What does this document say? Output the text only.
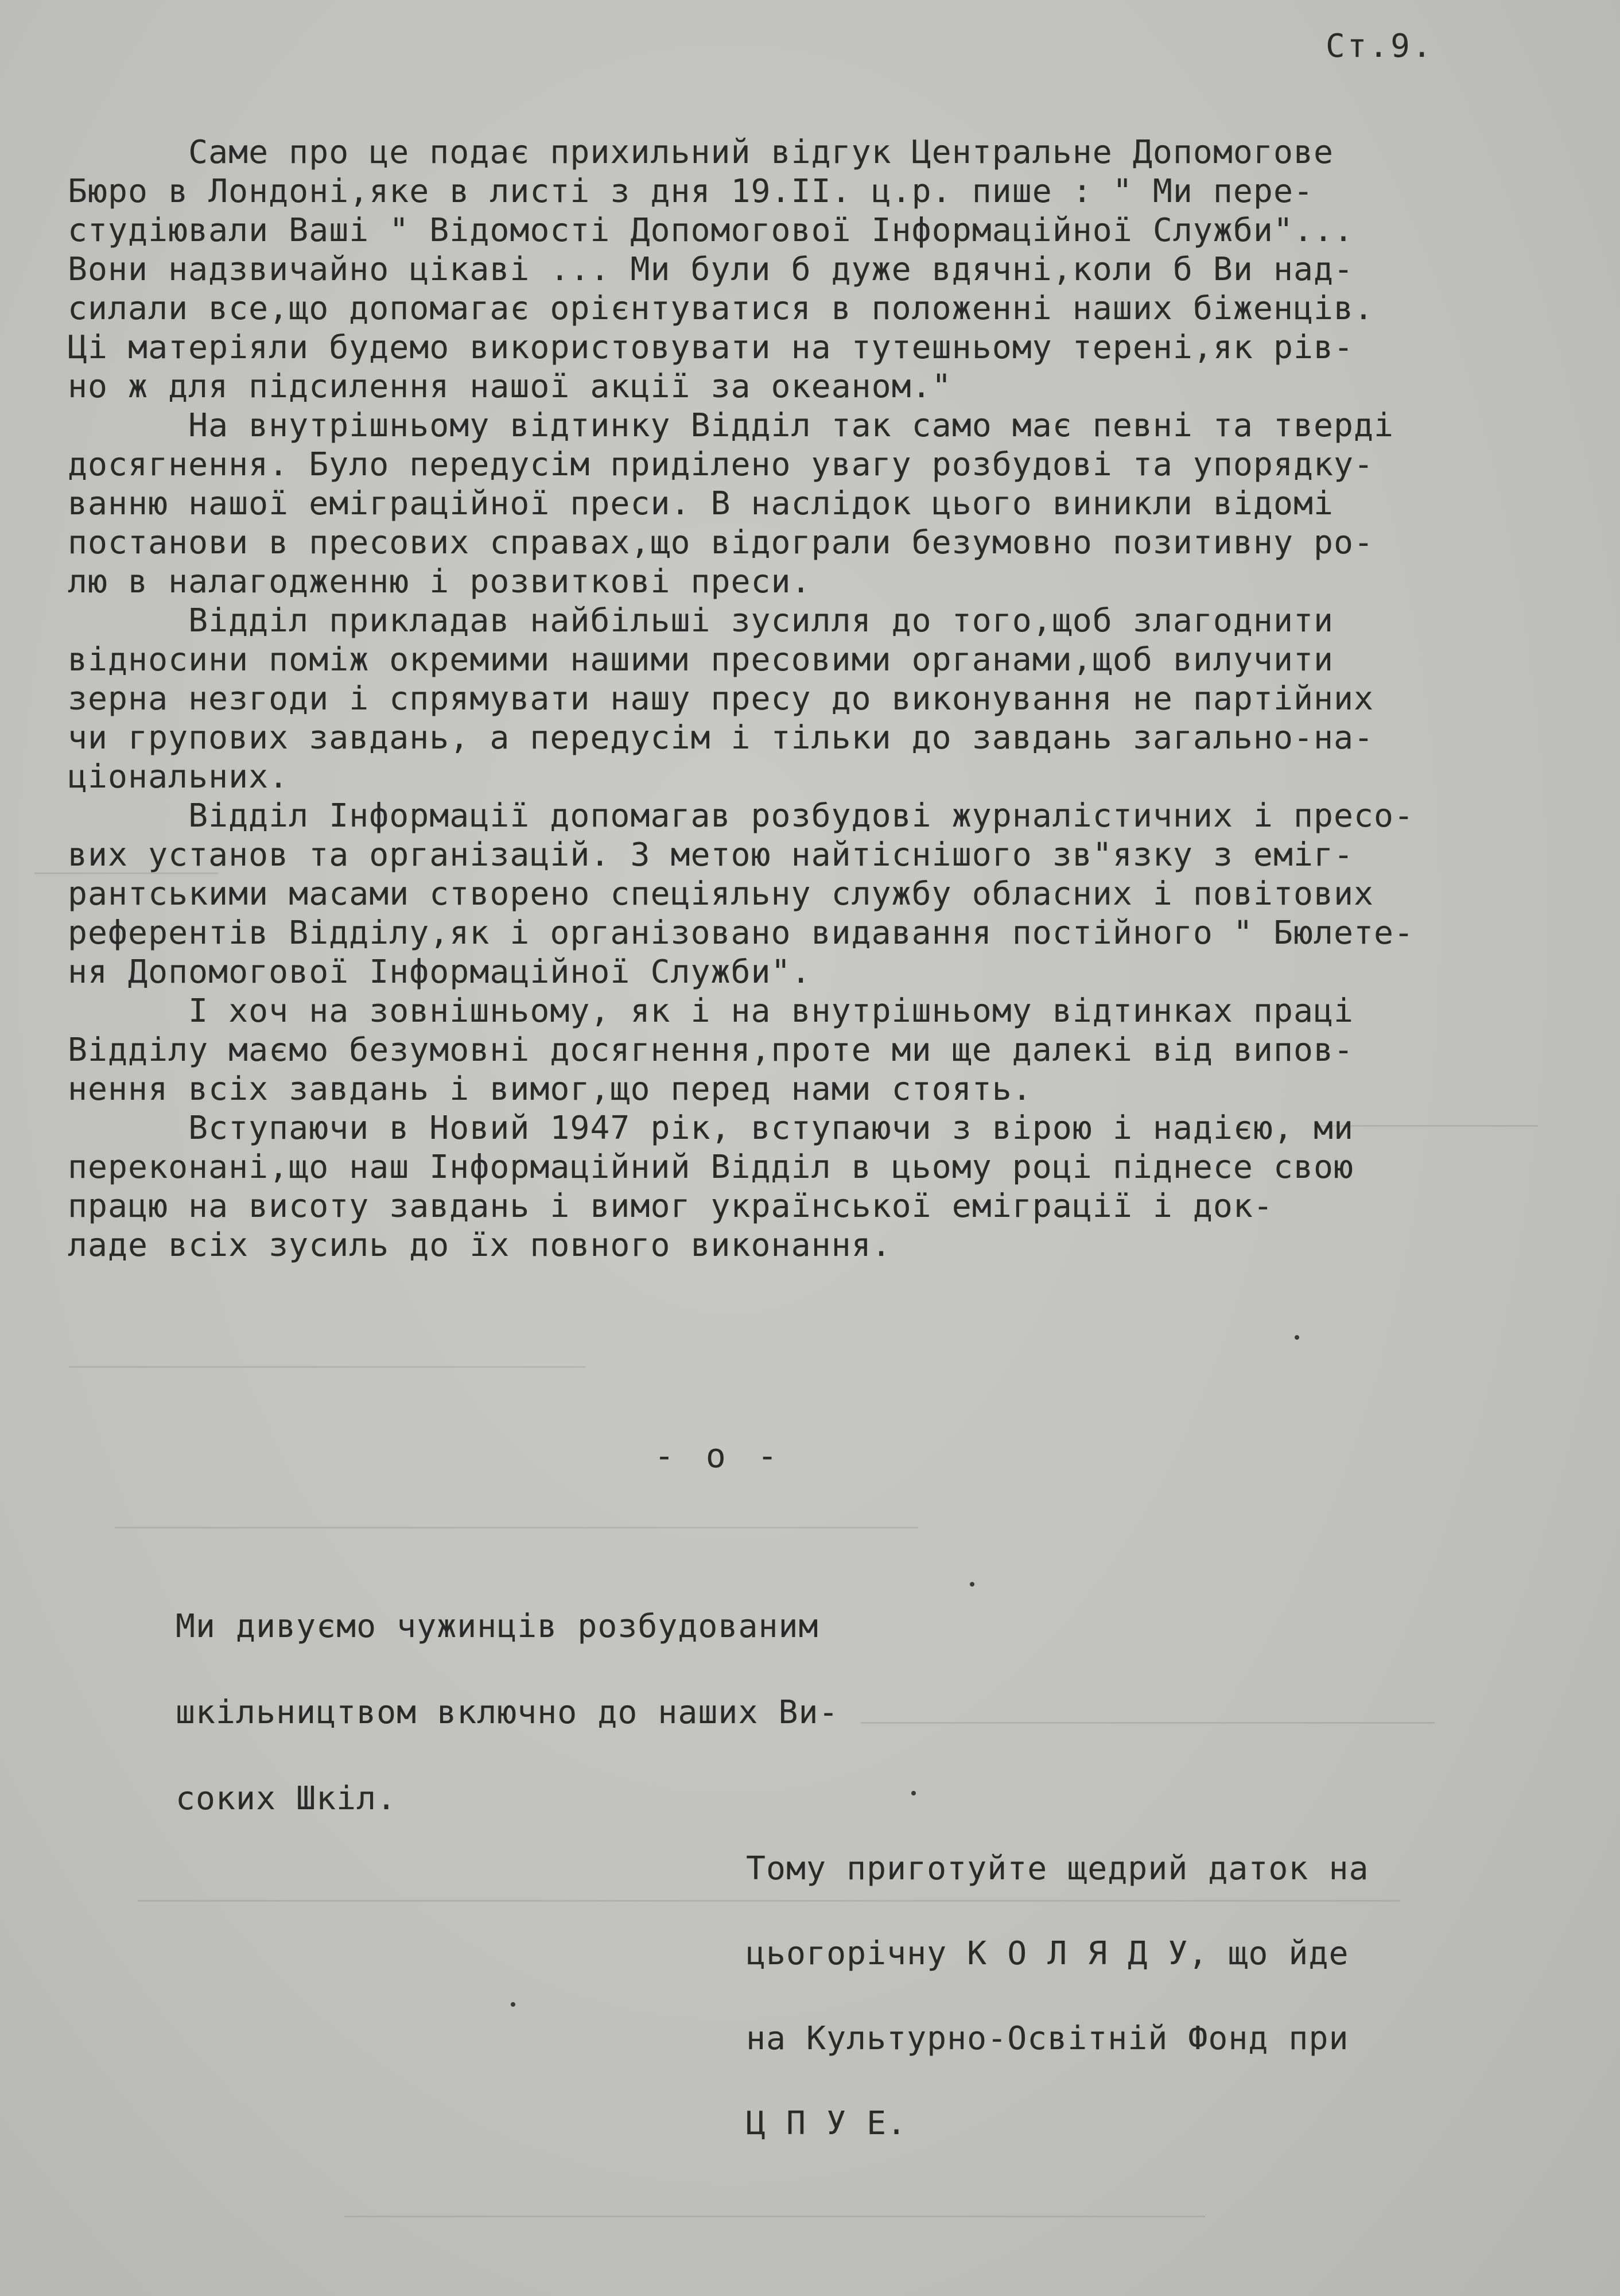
Ст.9.
Саме про це подає прихильний відгук Центральне Допомогове
Бюро в Лондоні,яке в листі з дня 19.ІІ. ц.р. пише : " Ми пере-
студіювали Ваші " Відомості Допомогової Інформаційної Служби"...
Вони надзвичайно цікаві ... Ми були б дуже вдячні,коли б Ви над-
силали все,що допомагає орієнтуватися в положенні наших біженців.
Ці матеріяли будемо використовувати на тутешньому терені,як рів-
но ж для підсилення нашої акції за океаном."
На внутрішньому відтинку Відділ так само має певні та тверді
досягнення. Було передусім приділено увагу розбудові та упорядку-
ванню нашої еміграційної преси. В наслідок цього виникли відомі
постанови в пресових справах,що відограли безумовно позитивну ро-
лю в налагодженню і розвиткові преси.
Відділ прикладав найбільші зусилля до того,щоб злагоднити
відносини поміж окремими нашими пресовими органами,щоб вилучити
зерна незгоди і спрямувати нашу пресу до виконування не партійних
чи групових завдань, а передусім і тільки до завдань загально-на-
ціональних.
Відділ Інформації допомагав розбудові журналістичних і пресо-
вих установ та організацій. З метою найтіснішого зв"язку з еміг-
рантськими масами створено спеціяльну службу обласних і повітових
референтів Відділу,як і організовано видавання постійного " Бюлете-
ня Допомогової Інформаційної Служби".
І хоч на зовнішньому, як і на внутрішньому відтинках праці
Відділу маємо безумовні досягнення,проте ми ще далекі від випов-
нення всіх завдань і вимог,що перед нами стоять.
Вступаючи в Новий 1947 рік, вступаючи з вірою і надією, ми
переконані,що наш Інформаційний Відділ в цьому році піднесе свою
працю на висоту завдань і вимог української еміграції і док-
ладе всіх зусиль до їх повного виконання.
- о -
Ми дивуємо чужинців розбудованим
шкільництвом включно до наших Ви-
соких Шкіл.
Тому приготуйте щедрий даток на
цьогорічну К О Л Я Д У, що йде
на Культурно-Освітній Фонд при
Ц П У Е.
